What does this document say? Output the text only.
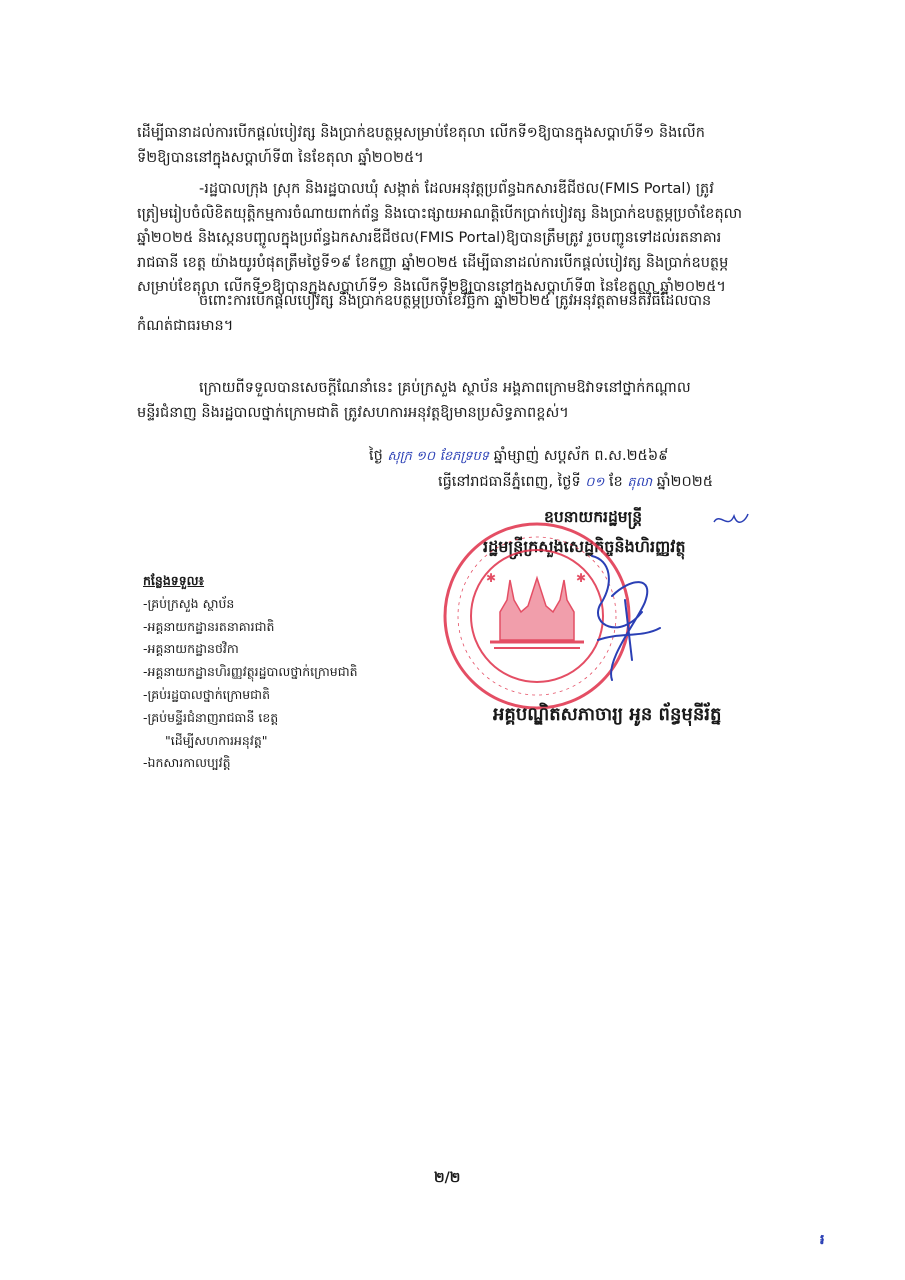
ដើម្បីធានាដល់ការបើកផ្តល់បៀវត្ស និងប្រាក់ឧបត្ថម្ភសម្រាប់ខែតុលា លើកទី១ឱ្យបានក្នុងសប្តាហ៍ទី១ និងលើក
ទី២ឱ្យបាននៅក្នុងសប្តាហ៍ទី៣ នៃខែតុលា ឆ្នាំ២០២៥។
-រដ្ឋបាលក្រុង ស្រុក និងរដ្ឋបាលឃុំ សង្កាត់ ដែលអនុវត្តប្រព័ន្ធឯកសារឌីជីថល(FMIS Portal) ត្រូវ
ត្រៀមរៀបចំលិខិតយុត្តិកម្មការចំណាយពាក់ព័ន្ធ និងបោះផ្សាយអាណត្តិបើកប្រាក់បៀវត្ស និងប្រាក់ឧបត្ថម្ភប្រចាំខែតុលា
ឆ្នាំ២០២៥ និងស្កេនបញ្ចូលក្នុងប្រព័ន្ធឯកសារឌីជីថល(FMIS Portal)ឱ្យបានត្រឹមត្រូវ រួចបញ្ជូនទៅដល់រតនាគារ
រាជធានី ខេត្ត យ៉ាងយូរបំផុតត្រឹមថ្ងៃទី១៩ ខែកញ្ញា ឆ្នាំ២០២៥ ដើម្បីធានាដល់ការបើកផ្តល់បៀវត្ស និងប្រាក់ឧបត្ថម្ភ
សម្រាប់ខែតុលា លើកទី១ឱ្យបានក្នុងសប្តាហ៍ទី១ និងលើកទី២ឱ្យបាននៅក្នុងសប្តាហ៍ទី៣ នៃខែតុលា ឆ្នាំ២០២៥។
ចំពោះការបើកផ្តល់បៀវត្ស និងប្រាក់ឧបត្ថម្ភប្រចាំខែវិច្ឆិកា ឆ្នាំ២០២៥ ត្រូវអនុវត្តតាមនីតិវិធីដែលបាន
កំណត់ជាធរមាន។
ក្រោយពីទទួលបានសេចក្តីណែនាំនេះ គ្រប់ក្រសួង ស្ថាប័ន អង្គភាពក្រោមឱវាទនៅថ្នាក់កណ្តាល
មន្ទីរជំនាញ និងរដ្ឋបាលថ្នាក់ក្រោមជាតិ ត្រូវសហការអនុវត្តឱ្យមានប្រសិទ្ធភាពខ្ពស់។
ថ្ងៃ សុក្រ ១០ ខែភទ្របទ ឆ្នាំម្សាញ់ សប្តស័ក ព.ស.២៥៦៩
ធ្វើនៅរាជធានីភ្នំពេញ, ថ្ងៃទី ០១ ខែ តុលា ឆ្នាំ២០២៥
ឧបនាយករដ្ឋមន្ត្រី
រដ្ឋមន្ត្រីក្រសួងសេដ្ឋកិច្ចនិងហិរញ្ញវត្ថុ
✱
✱
អគ្គបណ្ឌិតសភាចារ្យ អូន ព័ន្ធមុនីរ័ត្ន
កន្លែងទទួល៖
-គ្រប់ក្រសួង ស្ថាប័ន
-អគ្គនាយកដ្ឋានរតនាគារជាតិ
-អគ្គនាយកដ្ឋានថវិកា
-អគ្គនាយកដ្ឋានហិរញ្ញវត្ថុរដ្ឋបាលថ្នាក់ក្រោមជាតិ
-គ្រប់រដ្ឋបាលថ្នាក់ក្រោមជាតិ
-គ្រប់មន្ទីរជំនាញរាជធានី ខេត្ត
"ដើម្បីសហការអនុវត្ត"
-ឯកសារកាលប្បវត្តិ
២/២
៛
